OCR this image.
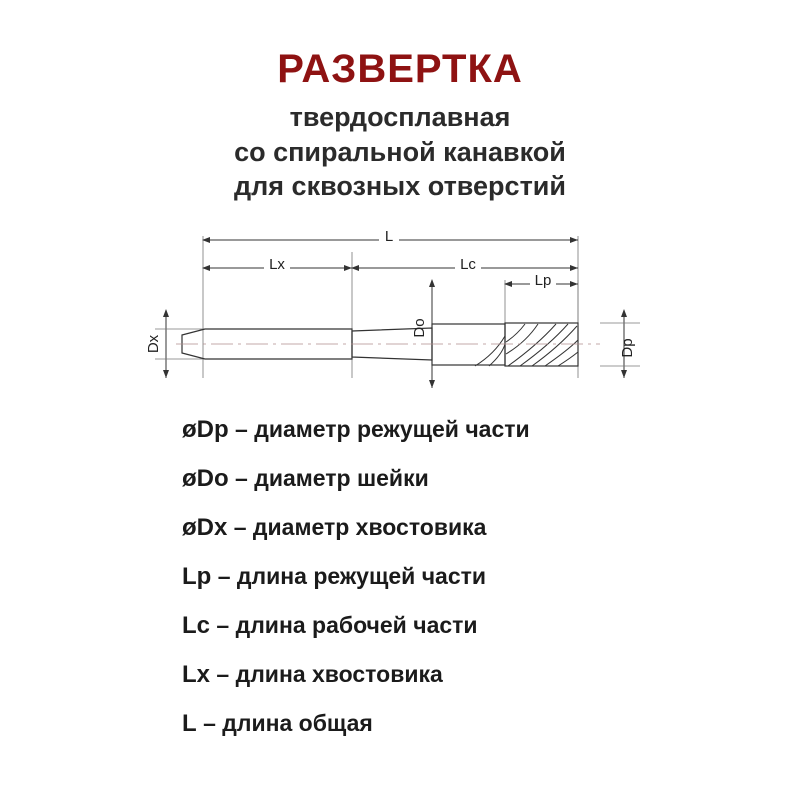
РАЗВЕРТКА
твердосплавная
со спиральной канавкой
для сквозных отверстий
L
Lx	Lc
Lp
Dx
Do
Dp
øDp – диаметр режущей части
øDo – диаметр шейки
øDx – диаметр хвостовика
Lp – длина режущей части
Lc – длина рабочей части
Lx – длина хвостовика
L – длина общая
